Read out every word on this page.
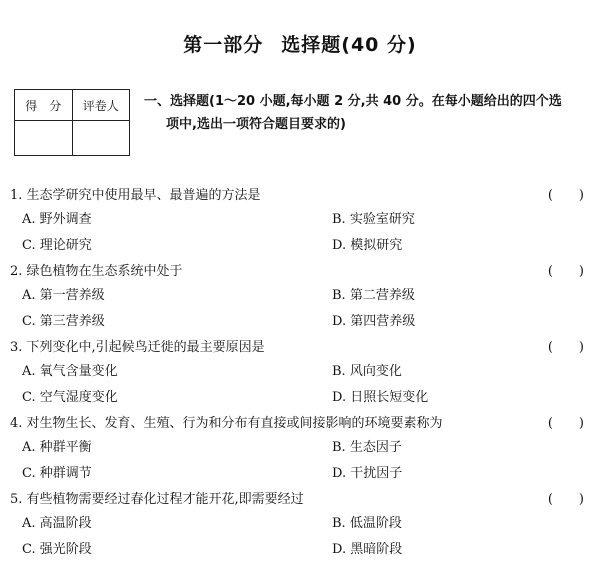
第一部分 选择题(40 分)
得　分	评卷人
	一、选择题(1～20 小题,每小题 2 分,共 40 分。在每小题给出的四个选
项中,选出一项符合题目要求的)
1. 生态学研究中使用最早、最普遍的方法是	(　　)
A. 野外调查	B. 实验室研究
C. 理论研究	D. 模拟研究
2. 绿色植物在生态系统中处于	(　　)
A. 第一营养级	B. 第二营养级
C. 第三营养级	D. 第四营养级
3. 下列变化中,引起候鸟迁徙的最主要原因是	(　　)
A. 氧气含量变化	B. 风向变化
C. 空气湿度变化	D. 日照长短变化
4. 对生物生长、发育、生殖、行为和分布有直接或间接影响的环境要素称为	(　　)
A. 种群平衡	B. 生态因子
C. 种群调节	D. 干扰因子
5. 有些植物需要经过春化过程才能开花,即需要经过	(　　)
A. 高温阶段	B. 低温阶段
C. 强光阶段	D. 黑暗阶段
